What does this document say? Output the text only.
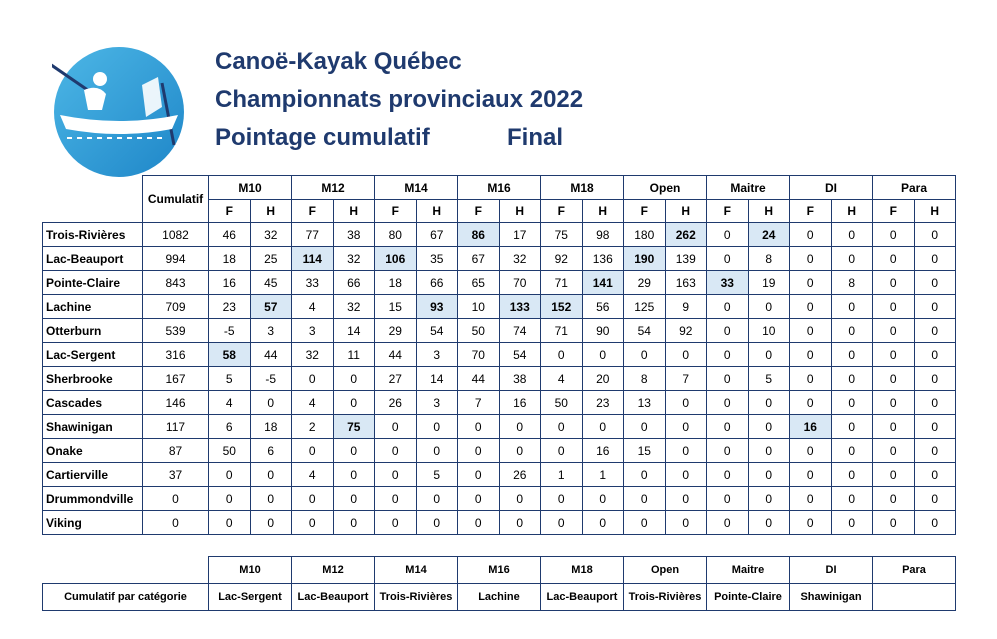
Canoë-Kayak Québec
Championnats provinciaux 2022
Pointage cumulatif	Final
	Cumulatif	M10		M12		M14		M16		M18		Open		Maitre		DI		Para	
		F	H	F	H	F	H	F	H	F	H	F	H	F	H	F	H	F	H
Trois-Rivières	1082	46	32	77	38	80	67	86	17	75	98	180	262	0	24	0	0	0	0
Lac-Beauport	994	18	25	114	32	106	35	67	32	92	136	190	139	0	8	0	0	0	0
Pointe-Claire	843	16	45	33	66	18	66	65	70	71	141	29	163	33	19	0	8	0	0
Lachine	709	23	57	4	32	15	93	10	133	152	56	125	9	0	0	0	0	0	0
Otterburn	539	-5	3	3	14	29	54	50	74	71	90	54	92	0	10	0	0	0	0
Lac-Sergent	316	58	44	32	11	44	3	70	54	0	0	0	0	0	0	0	0	0	0
Sherbrooke	167	5	-5	0	0	27	14	44	38	4	20	8	7	0	5	0	0	0	0
Cascades	146	4	0	4	0	26	3	7	16	50	23	13	0	0	0	0	0	0	0
Shawinigan	117	6	18	2	75	0	0	0	0	0	0	0	0	0	0	16	0	0	0
Onake	87	50	6	0	0	0	0	0	0	0	16	15	0	0	0	0	0	0	0
Cartierville	37	0	0	4	0	0	5	0	26	1	1	0	0	0	0	0	0	0	0
Drummondville	0	0	0	0	0	0	0	0	0	0	0	0	0	0	0	0	0	0	0
Viking	0	0	0	0	0	0	0	0	0	0	0	0	0	0	0	0	0	0	0
	M10	M12	M14	M16	M18	Open	Maitre	DI	Para
Cumulatif par catégorie	Lac-Sergent	Lac-Beauport	Trois-Rivières	Lachine	Lac-Beauport	Trois-Rivières	Pointe-Claire	Shawinigan	
